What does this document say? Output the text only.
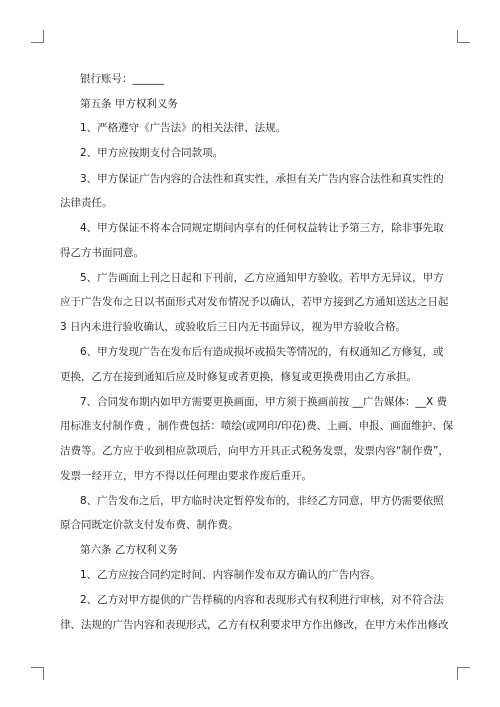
银行账号：______
第五条 甲方权利义务
1、严格遵守《广告法》的相关法律、法规。
2、甲方应按期支付合同款项。
3、甲方保证广告内容的合法性和真实性，承担有关广告内容合法性和真实性的
法律责任。
4、甲方保证不将本合同规定期间内享有的任何权益转让予第三方，除非事先取
得乙方书面同意。
5、广告画面上刊之日起和下刊前，乙方应通知甲方验收。若甲方无异议，甲方
应于广告发布之日以书面形式对发布情况予以确认，若甲方接到乙方通知送达之日起
3 日内未进行验收确认，或验收后三日内无书面异议，视为甲方验收合格。
6、甲方发现广告在发布后有造成损坏或损失等情况的，有权通知乙方修复，或
更换，乙方在接到通知后应及时修复或者更换，修复或更换费用由乙方承担。
7、合同发布期内如甲方需要更换画面，甲方须于换画前按 __广告媒体：__X 费
用标准支付制作费 ，制作费包括：喷绘(或网印/印花)费、上画、申报、画面维护、保
洁费等。乙方应于收到相应款项后，向甲方开具正式税务发票，发票内容“制作费”，
发票一经开立，甲方不得以任何理由要求作废后重开。
8、广告发布之后，甲方临时决定暂停发布的，非经乙方同意，甲方仍需要依照
原合同既定价款支付发布费、制作费。
第六条 乙方权利义务
1、乙方应按合同约定时间、内容制作发布双方确认的广告内容。
2、乙方对甲方提供的广告样稿的内容和表现形式有权利进行审核，对不符合法
律、法规的广告内容和表现形式，乙方有权利要求甲方作出修改，在甲方未作出修改
